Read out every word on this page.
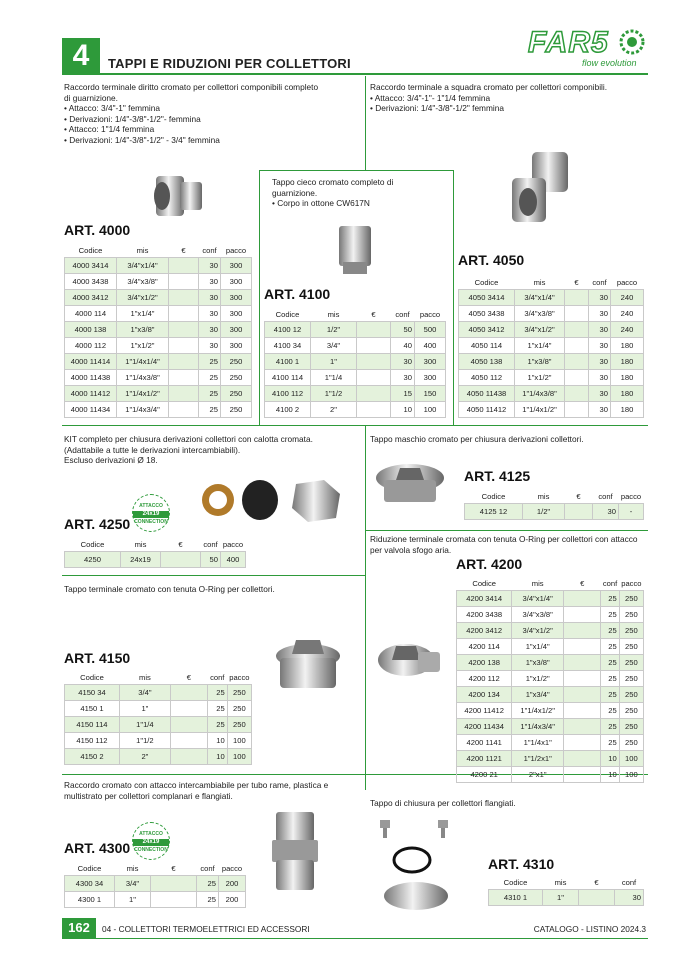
4	TAPPI E RIDUZIONI PER COLLETTORI
FAR5
flow evolution
Raccordo terminale diritto cromato per collettori componibili completo
di guarnizione.
• Attacco: 3/4"-1" femmina
• Derivazioni: 1/4"-3/8"-1/2"- femmina
• Attacco: 1"1/4 femmina
• Derivazioni: 1/4"-3/8"-1/2" - 3/4" femmina
ART. 4000
Codice	mis	€	conf	pacco
4000 3414	3/4"x1/4"		30	300
4000 3438	3/4"x3/8"		30	300
4000 3412	3/4"x1/2"		30	300
4000 114	1"x1/4"		30	300
4000 138	1"x3/8"		30	300
4000 112	1"x1/2"		30	300
4000 11414	1"1/4x1/4"		25	250
4000 11438	1"1/4x3/8"		25	250
4000 11412	1"1/4x1/2"		25	250
4000 11434	1"1/4x3/4"		25	250
Raccordo terminale a squadra cromato per collettori componibili.
• Attacco: 3/4"-1"- 1"1/4 femmina
• Derivazioni: 1/4"-3/8"-1/2" femmina
ART. 4050
Codice	mis	€	conf	pacco
4050 3414	3/4"x1/4"		30	240
4050 3438	3/4"x3/8"		30	240
4050 3412	3/4"x1/2"		30	240
4050 114	1"x1/4"		30	180
4050 138	1"x3/8"		30	180
4050 112	1"x1/2"		30	180
4050 11438	1"1/4x3/8"		30	180
4050 11412	1"1/4x1/2"		30	180
Tappo cieco cromato completo di
guarnizione.
• Corpo in ottone CW617N
ART. 4100
Codice	mis	€	conf	pacco
4100 12	1/2"		50	500
4100 34	3/4"		40	400
4100 1	1"		30	300
4100 114	1"1/4		30	300
4100 112	1"1/2		15	150
4100 2	2"		10	100
KIT completo per chiusura derivazioni collettori con calotta cromata.
(Adattabile a tutte le derivazioni intercambiabili).
Escluso derivazioni Ø 18.
ATTACCO
24x19
CONNECTION
ART. 4250
Codice	mis	€	conf	pacco
4250	24x19		50	400
Tappo maschio cromato per chiusura derivazioni collettori.
ART. 4125
Codice	mis	€	conf	pacco
4125 12	1/2"		30	-
Riduzione terminale cromata con tenuta O-Ring per collettori con attacco
per valvola sfogo aria.
ART. 4200
Codice	mis	€	conf	pacco
4200 3414	3/4"x1/4"		25	250
4200 3438	3/4"x3/8"		25	250
4200 3412	3/4"x1/2"		25	250
4200 114	1"x1/4"		25	250
4200 138	1"x3/8"		25	250
4200 112	1"x1/2"		25	250
4200 134	1"x3/4"		25	250
4200 11412	1"1/4x1/2"		25	250
4200 11434	1"1/4x3/4"		25	250
4200 1141	1"1/4x1"		25	250
4200 1121	1"1/2x1"		10	100
4200 21	2"x1"		10	100
Tappo terminale cromato con tenuta O-Ring per collettori.
ART. 4150
Codice	mis	€	conf	pacco
4150 34	3/4"		25	250
4150 1	1"		25	250
4150 114	1"1/4		25	250
4150 112	1"1/2		10	100
4150 2	2"		10	100
Raccordo cromato con attacco intercambiabile per tubo rame, plastica e
multistrato per collettori complanari e flangiati.
ATTACCO
24x19
CONNECTION
ART. 4300
Codice	mis	€	conf	pacco
4300 34	3/4"		25	200
4300 1	1"		25	200
Tappo di chiusura per collettori flangiati.
ART. 4310
Codice	mis	€	conf
4310 1	1"		30
162	04 - COLLETTORI TERMOELETTRICI ED ACCESSORI	CATALOGO - LISTINO 2024.3
